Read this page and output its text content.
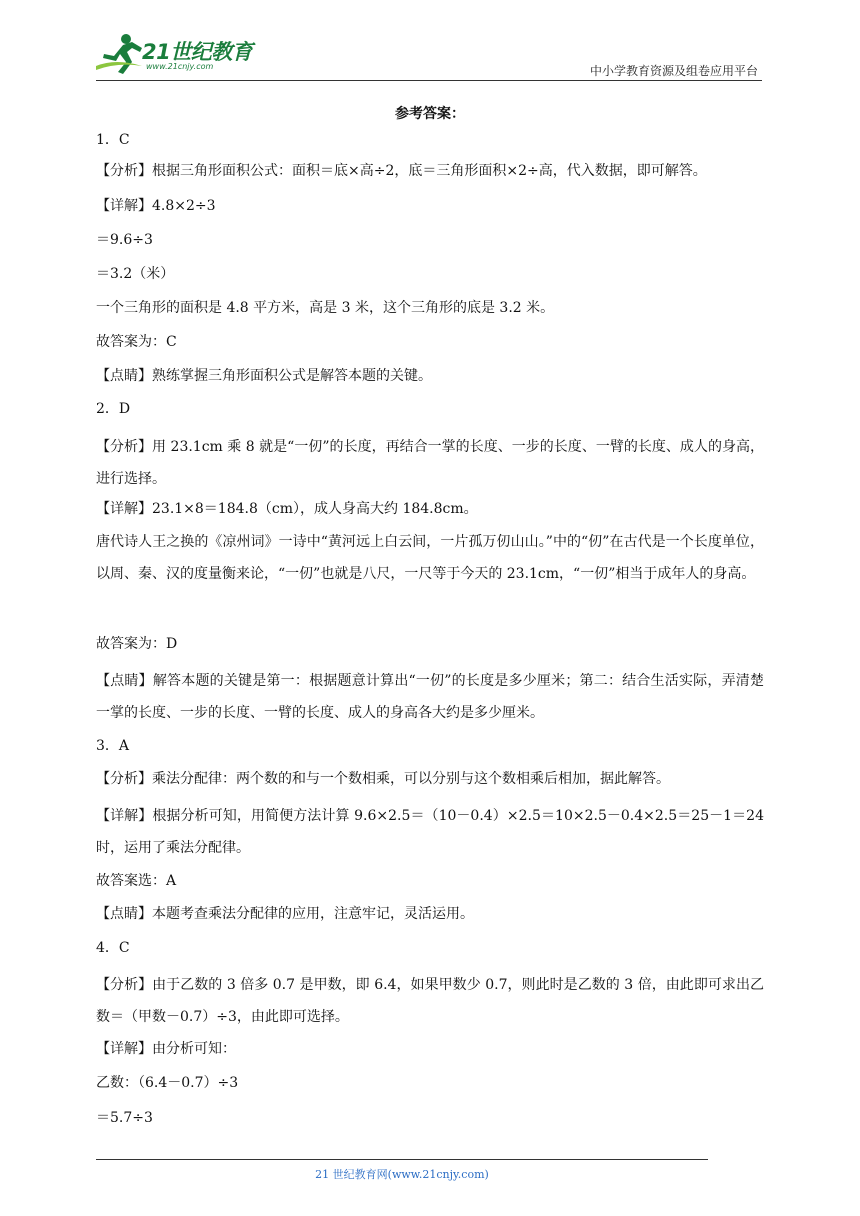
21世纪教育
www.21cnjy.com	中小学教育资源及组卷应用平台
参考答案：
1．C
【分析】根据三角形面积公式：面积＝底×高÷2，底＝三角形面积×2÷高，代入数据，即可解答。
【详解】4.8×2÷3
＝9.6÷3
＝3.2（米）
一个三角形的面积是 4.8 平方米，高是 3 米，这个三角形的底是 3.2 米。
故答案为：C
【点睛】熟练掌握三角形面积公式是解答本题的关键。
2．D
【分析】用 23.1cm 乘 8 就是“一仞”的长度，再结合一掌的长度、一步的长度、一臂的长度、成人的身高，进行选择。
【详解】23.1×8＝184.8（cm），成人身高大约 184.8cm。
唐代诗人王之换的《凉州词》一诗中“黄河远上白云间，一片孤万仞山山。”中的“仞”在古代是一个长度单位，以周、秦、汉的度量衡来论，“一仞”也就是八尺，一尺等于今天的 23.1cm，“一仞”相当于成年人的身高。
故答案为：D
【点睛】解答本题的关键是第一：根据题意计算出“一仞”的长度是多少厘米；第二：结合生活实际，弄清楚一掌的长度、一步的长度、一臂的长度、成人的身高各大约是多少厘米。
3．A
【分析】乘法分配律：两个数的和与一个数相乘，可以分别与这个数相乘后相加，据此解答。
【详解】根据分析可知，用简便方法计算 9.6×2.5＝（10－0.4）×2.5＝10×2.5－0.4×2.5＝25－1＝24 时，运用了乘法分配律。
故答案选：A
【点睛】本题考查乘法分配律的应用，注意牢记，灵活运用。
4．C
【分析】由于乙数的 3 倍多 0.7 是甲数，即 6.4，如果甲数少 0.7，则此时是乙数的 3 倍，由此即可求出乙数＝（甲数－0.7）÷3，由此即可选择。
【详解】由分析可知：
乙数：（6.4－0.7）÷3
＝5.7÷3
21 世纪教育网(www.21cnjy.com)
